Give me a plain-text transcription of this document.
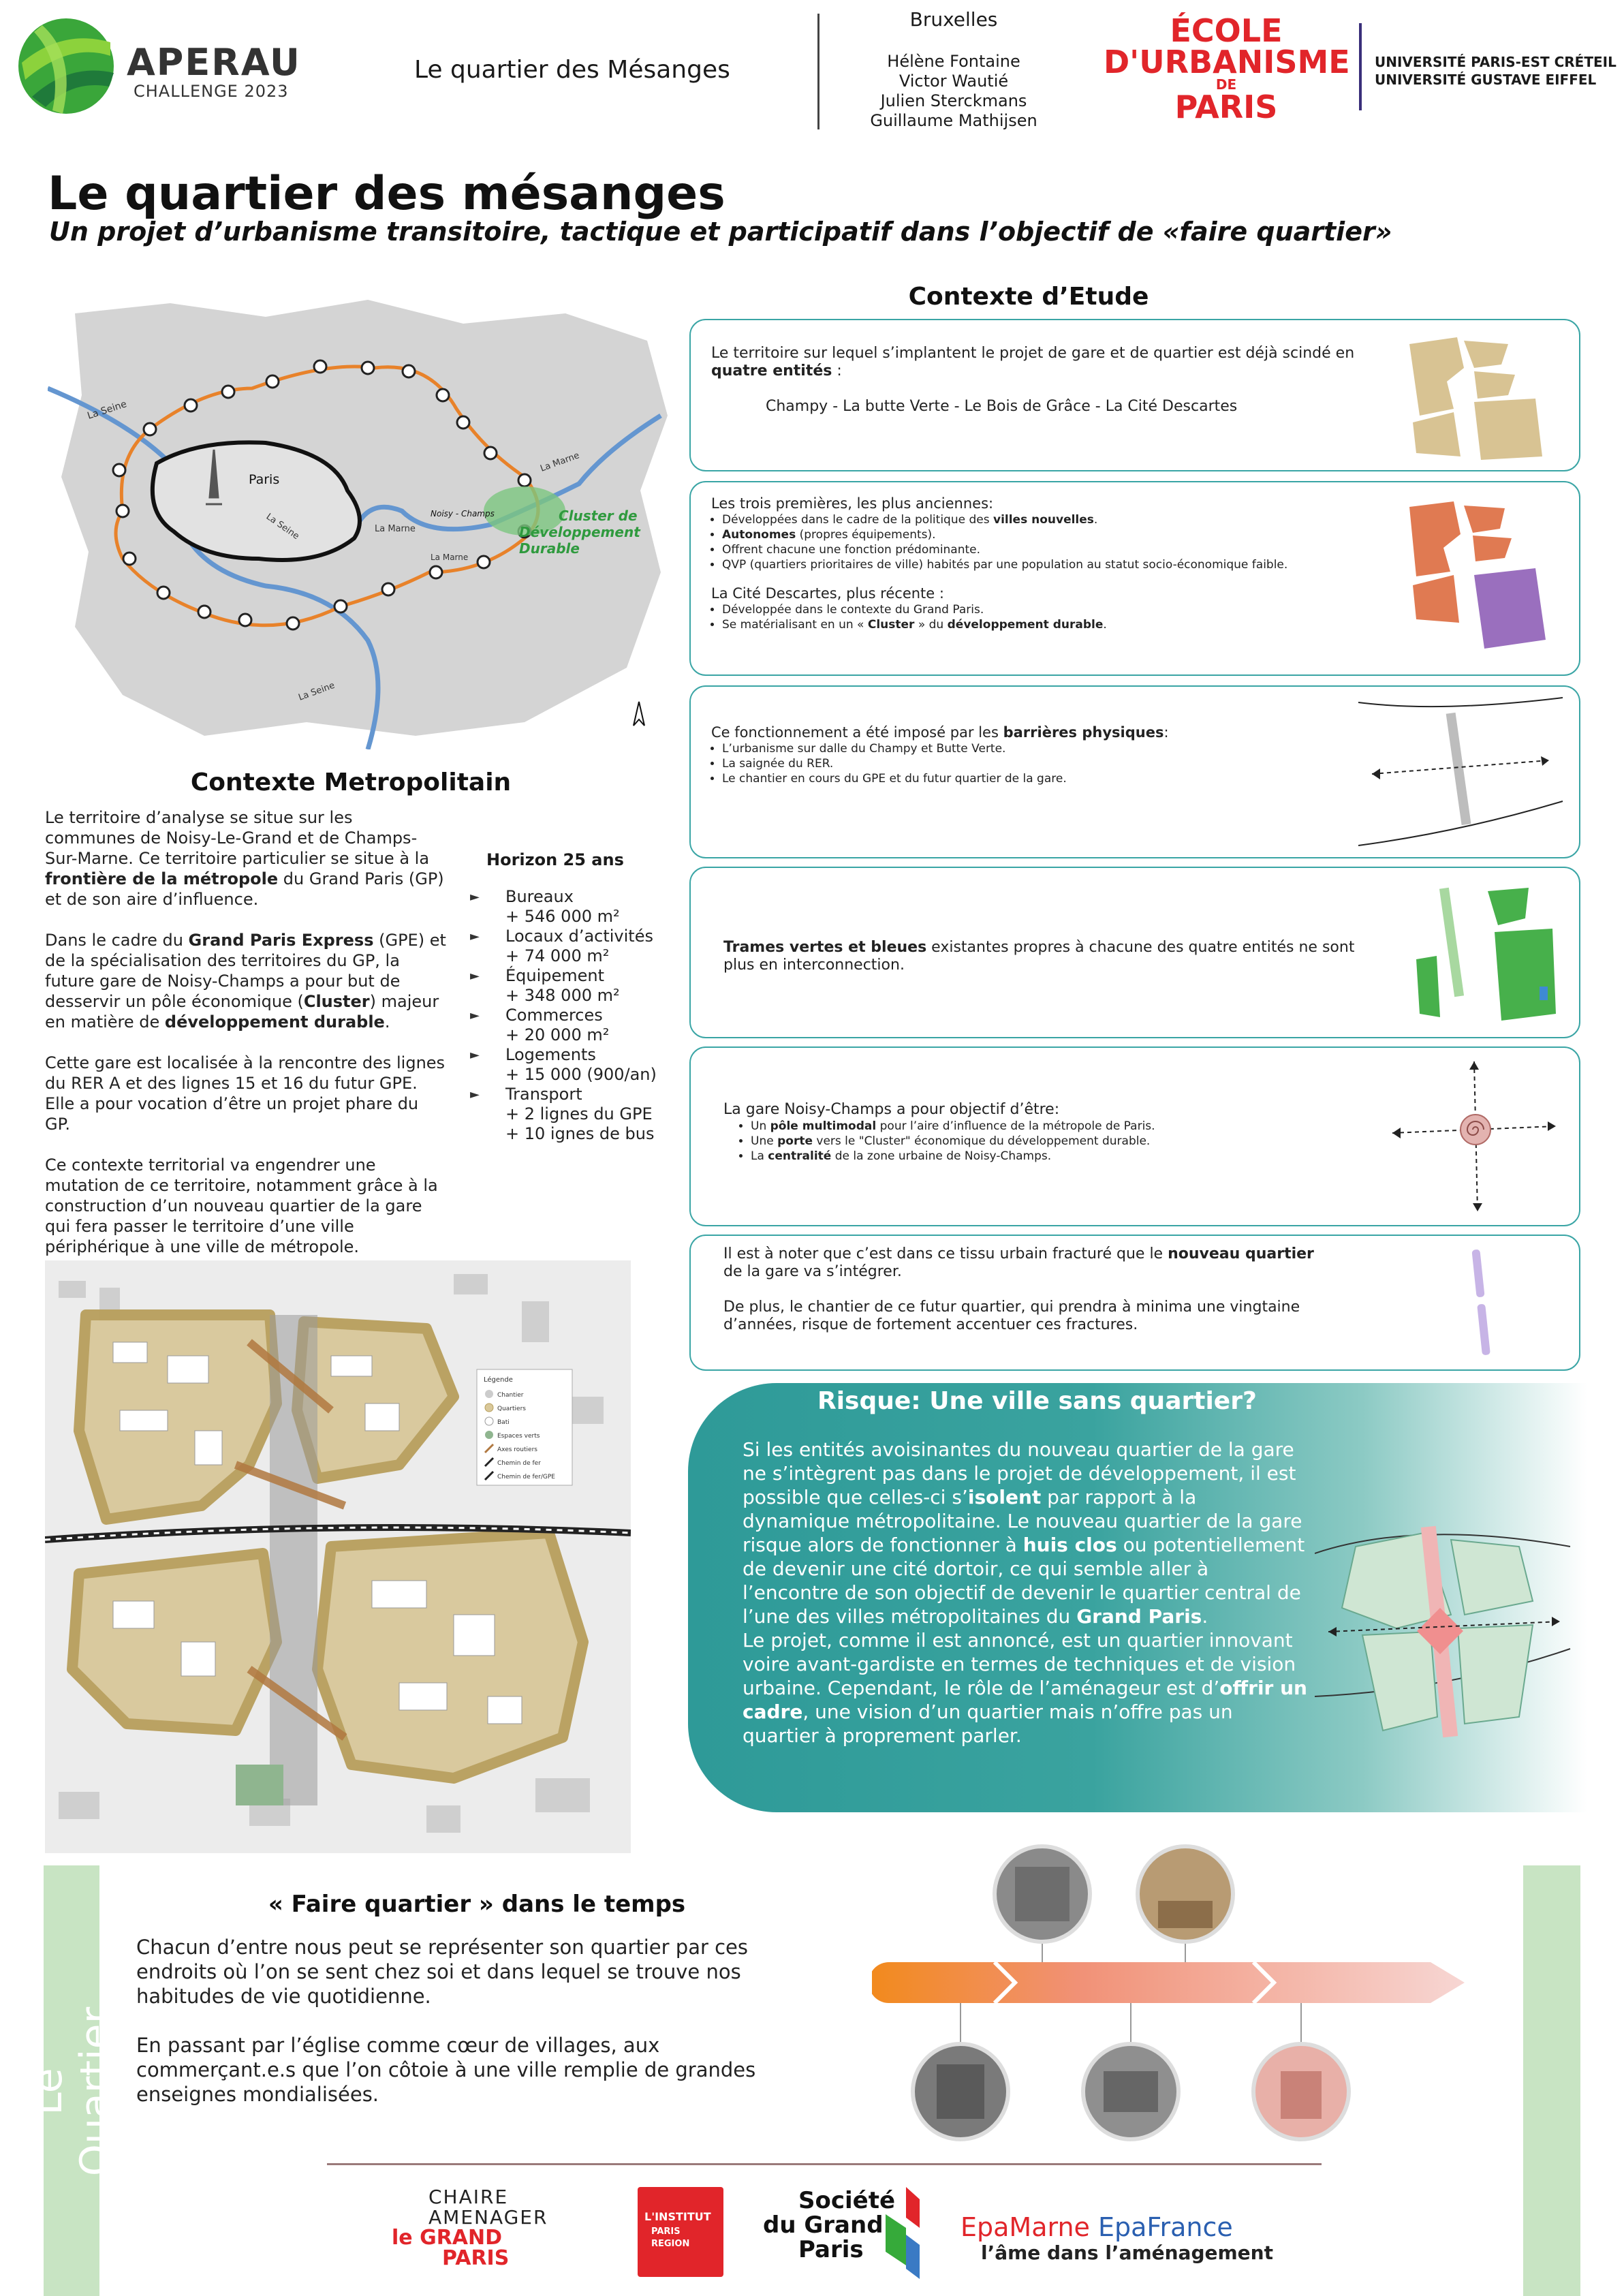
APERAU
CHALLENGE 2023
Le quartier des Mésanges
Bruxelles
Hélène Fontaine
Victor Wautié
Julien Sterckmans
Guillaume Mathijsen
ÉCOLE
D'URBANISME
DE
PARIS
UNIVERSITÉ PARIS-EST CRÉTEIL
UNIVERSITÉ GUSTAVE EIFFEL
Le quartier des mésanges
Un projet d’urbanisme transitoire, tactique et participatif dans l’objectif de «faire quartier»
Paris
La Seine
La Seine
La Seine
La Marne
La Marne
La Marne
Noisy - Champs	Cluster de
Développement
Durable
Contexte Metropolitain

Le territoire d’analyse se situe sur les communes de Noisy-Le-Grand et de Champs-Sur-Marne. Ce territoire particulier se situe à la frontière de la métropole du Grand Paris (GP) et de son aire d’influence.

Dans le cadre du Grand Paris Express (GPE) et de la spécialisation des territoires du GP, la future gare de Noisy-Champs a pour but de desservir un pôle économique (Cluster) majeur en matière de développement durable.

Cette gare est localisée à la rencontre des lignes du RER A et des lignes 15 et 16 du futur GPE. Elle a pour vocation d’être un projet phare du GP.

Ce contexte territorial va engendrer une mutation de ce territoire, notamment grâce à la construction d’un nouveau quartier de la gare qui fera passer le territoire d’une ville périphérique à une ville de métropole.

Horizon 25 ans
► Bureaux
+ 546 000 m²
► Locaux d’activités
+ 74 000 m²
► Équipement
+ 348 000 m²
► Commerces
+ 20 000 m²
► Logements
+ 15 000 (900/an)
► Transport
+ 2 lignes du GPE
+ 10 ignes de bus
Contexte d’Etude
Le territoire sur lequel s’implantent le projet de gare et de quartier est déjà scindé en quatre entités :
Champy - La butte Verte - Le Bois de Grâce - La Cité Descartes
Les trois premières, les plus anciennes:
• Développées dans le cadre de la politique des villes nouvelles.
• Autonomes (propres équipements).
• Offrent chacune une fonction prédominante.
• QVP (quartiers prioritaires de ville) habités par une population au statut socio-économique faible.
La Cité Descartes, plus récente :
• Développée dans le contexte du Grand Paris.
• Se matérialisant en un « Cluster » du développement durable.
Ce fonctionnement a été imposé par les barrières physiques:
• L’urbanisme sur dalle du Champy et Butte Verte.
• La saignée du RER.
• Le chantier en cours du GPE et du futur quartier de la gare.
Trames vertes et bleues existantes propres à chacune des quatre entités ne sont plus en interconnection.
La gare Noisy-Champs a pour objectif d’être:
• Un pôle multimodal pour l’aire d’influence de la métropole de Paris.
• Une porte vers le "Cluster" économique du développement durable.
• La centralité de la zone urbaine de Noisy-Champs.
Il est à noter que c’est dans ce tissu urbain fracturé que le nouveau quartier de la gare va s’intégrer.
De plus, le chantier de ce futur quartier, qui prendra à minima une vingtaine d’années, risque de fortement accentuer ces fractures.
Légende
Chantier
Quartiers
Bati
Espaces verts
Axes routiers
Chemin de fer
Chemin de fer/GPE
Risque: Une ville sans quartier?
Si les entités avoisinantes du nouveau quartier de la gare ne s’intègrent pas dans le projet de développement, il est possible que celles-ci s’isolent par rapport à la dynamique métropolitaine. Le nouveau quartier de la gare risque alors de fonctionner à huis clos ou potentiellement de devenir une cité dortoir, ce qui semble aller à l’encontre de son objectif de devenir le quartier central de l’une des villes métropolitaines du Grand Paris.
Le projet, comme il est annoncé, est un quartier innovant voire avant-gardiste en termes de techniques et de vision urbaine. Cependant, le rôle de l’aménageur est d’offrir un cadre, une vision d’un quartier mais n’offre pas un quartier à proprement parler.
Le Quartier
« Faire quartier » dans le temps

Chacun d’entre nous peut se représenter son quartier par ces endroits où l’on se sent chez soi et dans lequel se trouve nos habitudes de vie quotidienne.

En passant par l’église comme cœur de villages, aux commerçant.e.s que l’on côtoie à une ville remplie de grandes enseignes mondialisées.

CHAIRE
AMENAGER
le GRAND
PARIS
L'INSTITUT
PARIS
REGION
Société
du Grand
Paris
EpaMarne EpaFrance
l’âme dans l’aménagement
